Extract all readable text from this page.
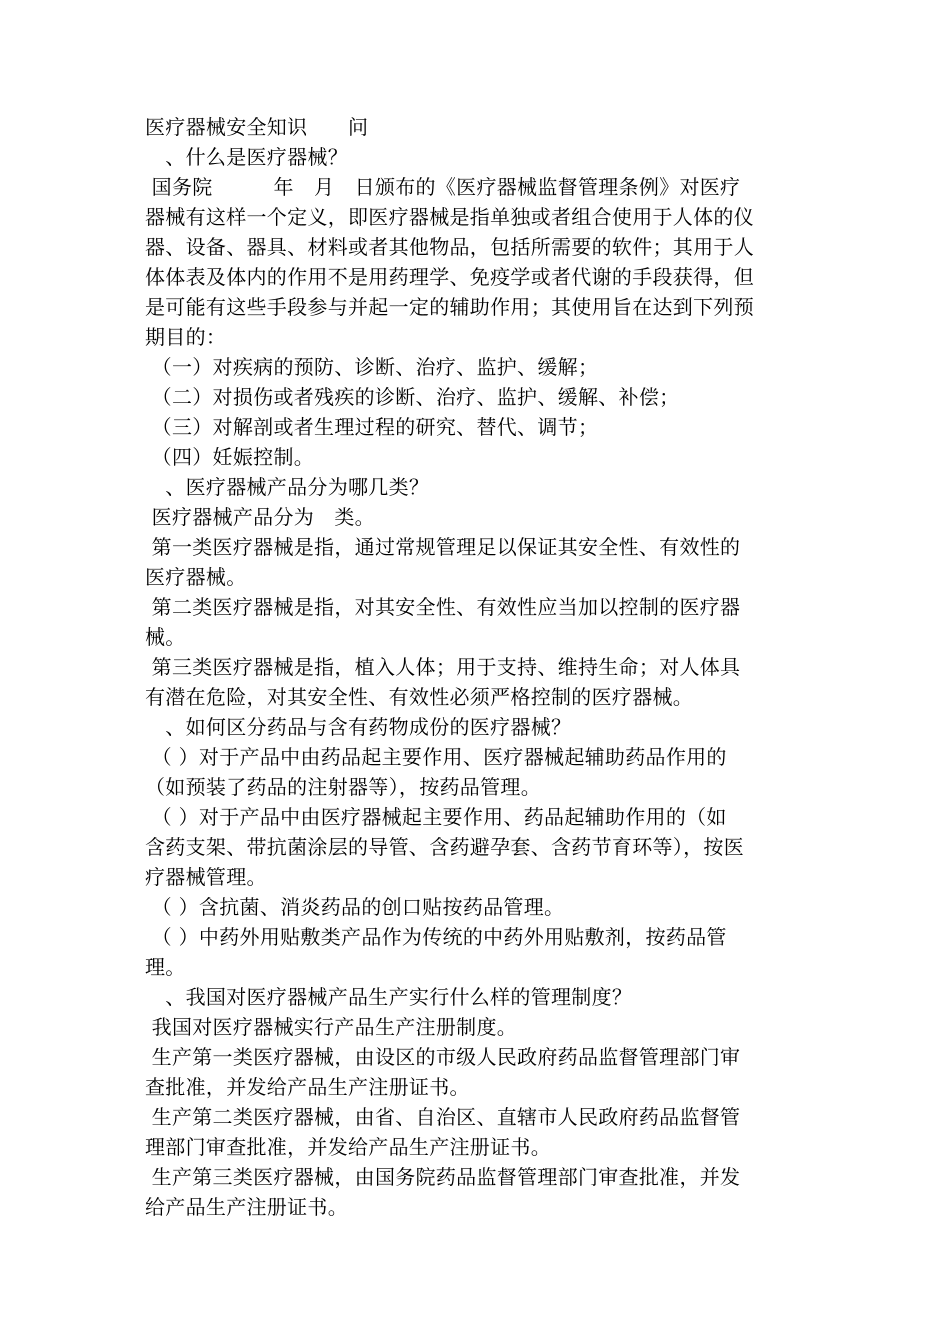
医疗器械安全知识　　问
　、什么是医疗器械？
国务院　　　年　月　日颁布的《医疗器械监督管理条例》对医疗
器械有这样一个定义，即医疗器械是指单独或者组合使用于人体的仪
器、设备、器具、材料或者其他物品，包括所需要的软件；其用于人
体体表及体内的作用不是用药理学、免疫学或者代谢的手段获得，但
是可能有这些手段参与并起一定的辅助作用；其使用旨在达到下列预
期目的：
（一）对疾病的预防、诊断、治疗、监护、缓解；
（二）对损伤或者残疾的诊断、治疗、监护、缓解、补偿；
（三）对解剖或者生理过程的研究、替代、调节；
（四）妊娠控制。
　、医疗器械产品分为哪几类？
医疗器械产品分为　类。
第一类医疗器械是指，通过常规管理足以保证其安全性、有效性的
医疗器械。
第二类医疗器械是指，对其安全性、有效性应当加以控制的医疗器
械。
第三类医疗器械是指，植入人体；用于支持、维持生命；对人体具
有潜在危险，对其安全性、有效性必须严格控制的医疗器械。
　、如何区分药品与含有药物成份的医疗器械？
（ ）对于产品中由药品起主要作用、医疗器械起辅助药品作用的
（如预装了药品的注射器等），按药品管理。
（ ）对于产品中由医疗器械起主要作用、药品起辅助作用的（如
含药支架、带抗菌涂层的导管、含药避孕套、含药节育环等），按医
疗器械管理。
（ ）含抗菌、消炎药品的创口贴按药品管理。
（ ）中药外用贴敷类产品作为传统的中药外用贴敷剂，按药品管
理。
　、我国对医疗器械产品生产实行什么样的管理制度？
我国对医疗器械实行产品生产注册制度。
生产第一类医疗器械，由设区的市级人民政府药品监督管理部门审
查批准，并发给产品生产注册证书。
生产第二类医疗器械，由省、自治区、直辖市人民政府药品监督管
理部门审查批准，并发给产品生产注册证书。
生产第三类医疗器械，由国务院药品监督管理部门审查批准，并发
给产品生产注册证书。
